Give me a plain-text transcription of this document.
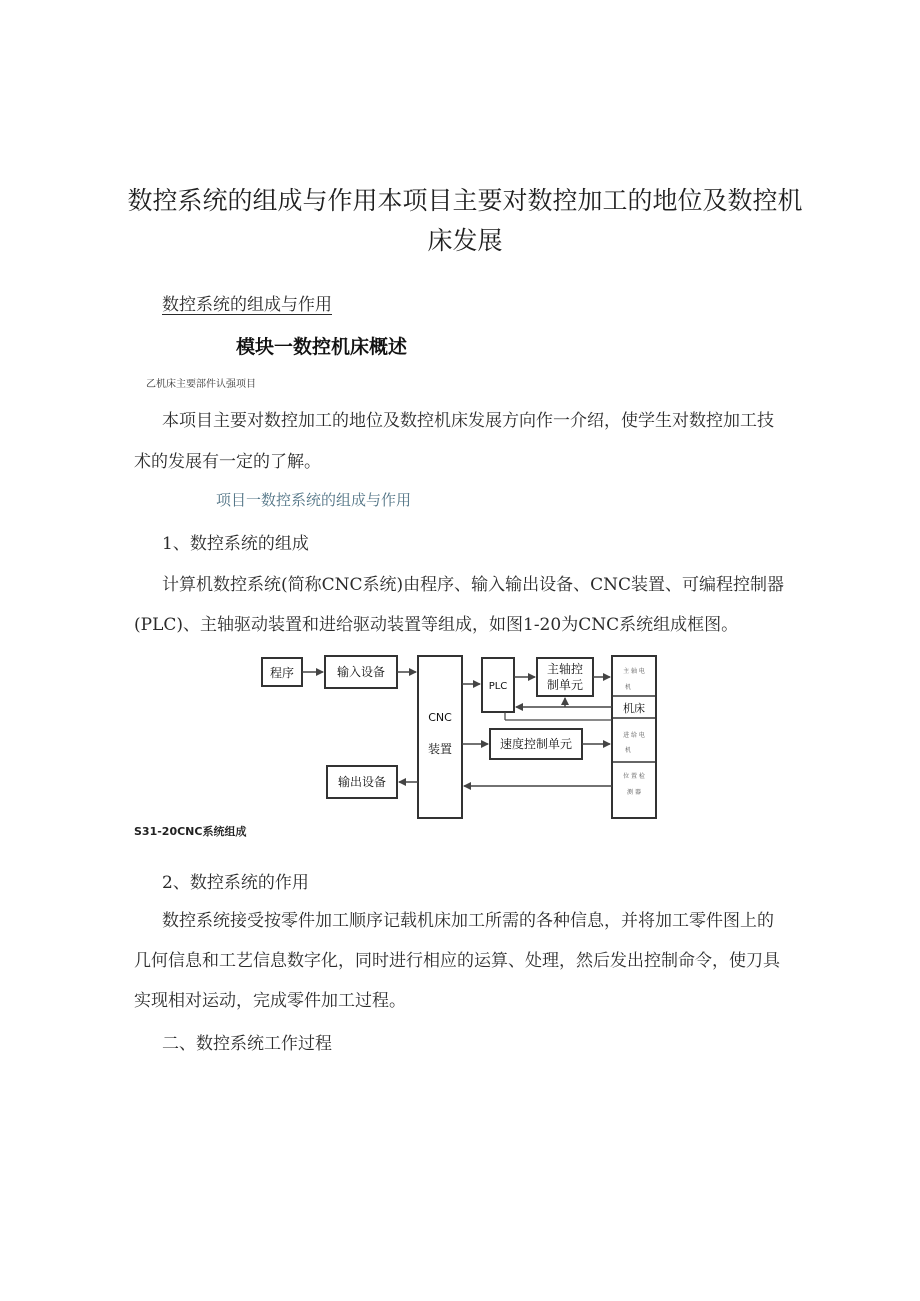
数控系统的组成与作用本项目主要对数控加工的地位及数控机床发展
数控系统的组成与作用
模块一数控机床概述
乙机床主要部件认强项目
本项目主要对数控加工的地位及数控机床发展方向作一介绍，使学生对数控加工技
术的发展有一定的了解。
项目一数控系统的组成与作用
1、数控系统的组成
计算机数控系统(简称CNC系统)由程序、输入输出设备、CNC装置、可编程控制器
(PLC)、主轴驱动装置和进给驱动装置等组成，如图1-20为CNC系统组成框图。
程序	输入设备
CNC
装置
PLC
主轴控
制单元
速度控制单元
输出设备
主 轴 电
机
机床
进 给 电
机
位 置 检
测 器
S31-20CNC系统组成
2、数控系统的作用
数控系统接受按零件加工顺序记载机床加工所需的各种信息，并将加工零件图上的
几何信息和工艺信息数字化，同时进行相应的运算、处理，然后发出控制命令，使刀具
实现相对运动，完成零件加工过程。
二、数控系统工作过程
